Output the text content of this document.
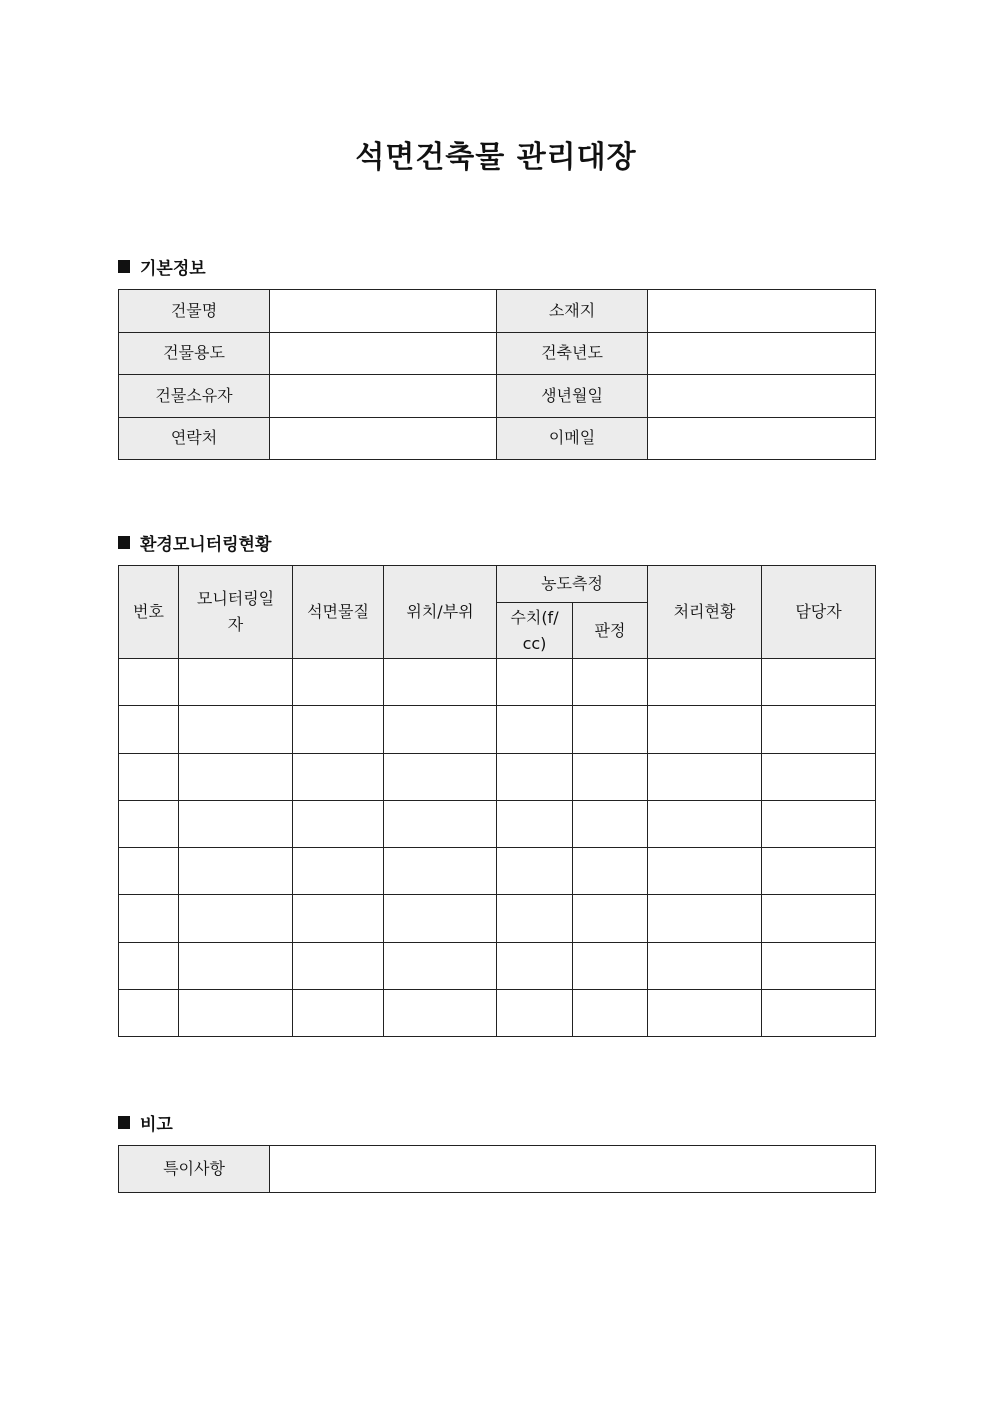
석면건축물 관리대장
기본정보
건물명		소재지	
건물용도		건축년도	
건물소유자		생년월일	
연락처		이메일	
환경모니터링현황
번호	모니터링일자	석면물질	위치/부위	농도측정		처리현황	담당자
				수치(f/cc)	판정		

비고
특이사항	
